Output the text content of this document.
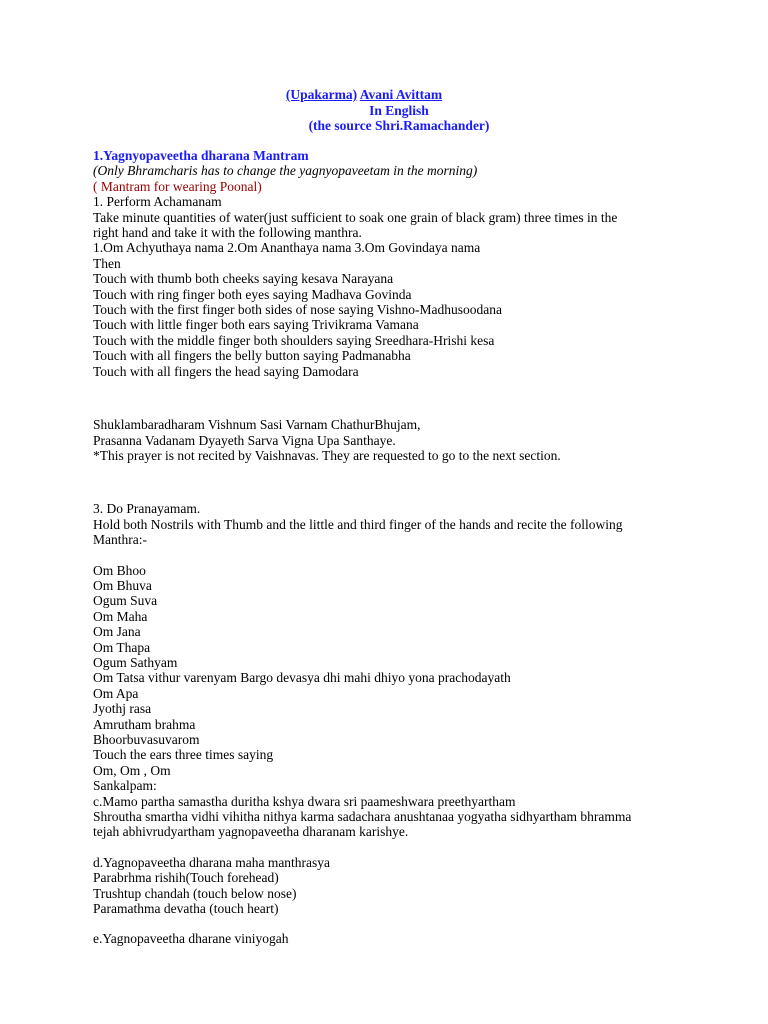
(Upakarma) Avani Avittam
In English
(the source Shri.Ramachander)
1.Yagnyopaveetha dharana Mantram
(Only Bhramcharis has to change the yagnyopaveetam in the morning)
( Mantram for wearing Poonal)
1. Perform Achamanam
Take minute quantities of water(just sufficient to soak one grain of black gram) three times in the
right hand and take it with the following manthra.
1.Om Achyuthaya nama 2.Om Ananthaya nama 3.Om Govindaya nama
Then
Touch with thumb both cheeks saying kesava Narayana
Touch with ring finger both eyes saying Madhava Govinda
Touch with the first finger both sides of nose saying Vishno-Madhusoodana
Touch with little finger both ears saying Trivikrama Vamana
Touch with the middle finger both shoulders saying Sreedhara-Hrishi kesa
Touch with all fingers the belly button saying Padmanabha
Touch with all fingers the head saying Damodara
Shuklambaradharam Vishnum Sasi Varnam ChathurBhujam,
Prasanna Vadanam Dyayeth Sarva Vigna Upa Santhaye.
*This prayer is not recited by Vaishnavas. They are requested to go to the next section.
3. Do Pranayamam.
Hold both Nostrils with Thumb and the little and third finger of the hands and recite the following
Manthra:-
Om Bhoo
Om Bhuva
Ogum Suva
Om Maha
Om Jana
Om Thapa
Ogum Sathyam
Om Tatsa vithur varenyam Bargo devasya dhi mahi dhiyo yona prachodayath
Om Apa
Jyothj rasa
Amrutham brahma
Bhoorbuvasuvarom
Touch the ears three times saying
Om, Om , Om
Sankalpam:
c.Mamo partha samastha duritha kshya dwara sri paameshwara preethyartham
Shroutha smartha vidhi vihitha nithya karma sadachara anushtanaa yogyatha sidhyartham bhramma
tejah abhivrudyartham yagnopaveetha dharanam karishye.
d.Yagnopaveetha dharana maha manthrasya
Parabrhma rishih(Touch forehead)
Trushtup chandah (touch below nose)
Paramathma devatha (touch heart)
e.Yagnopaveetha dharane viniyogah
